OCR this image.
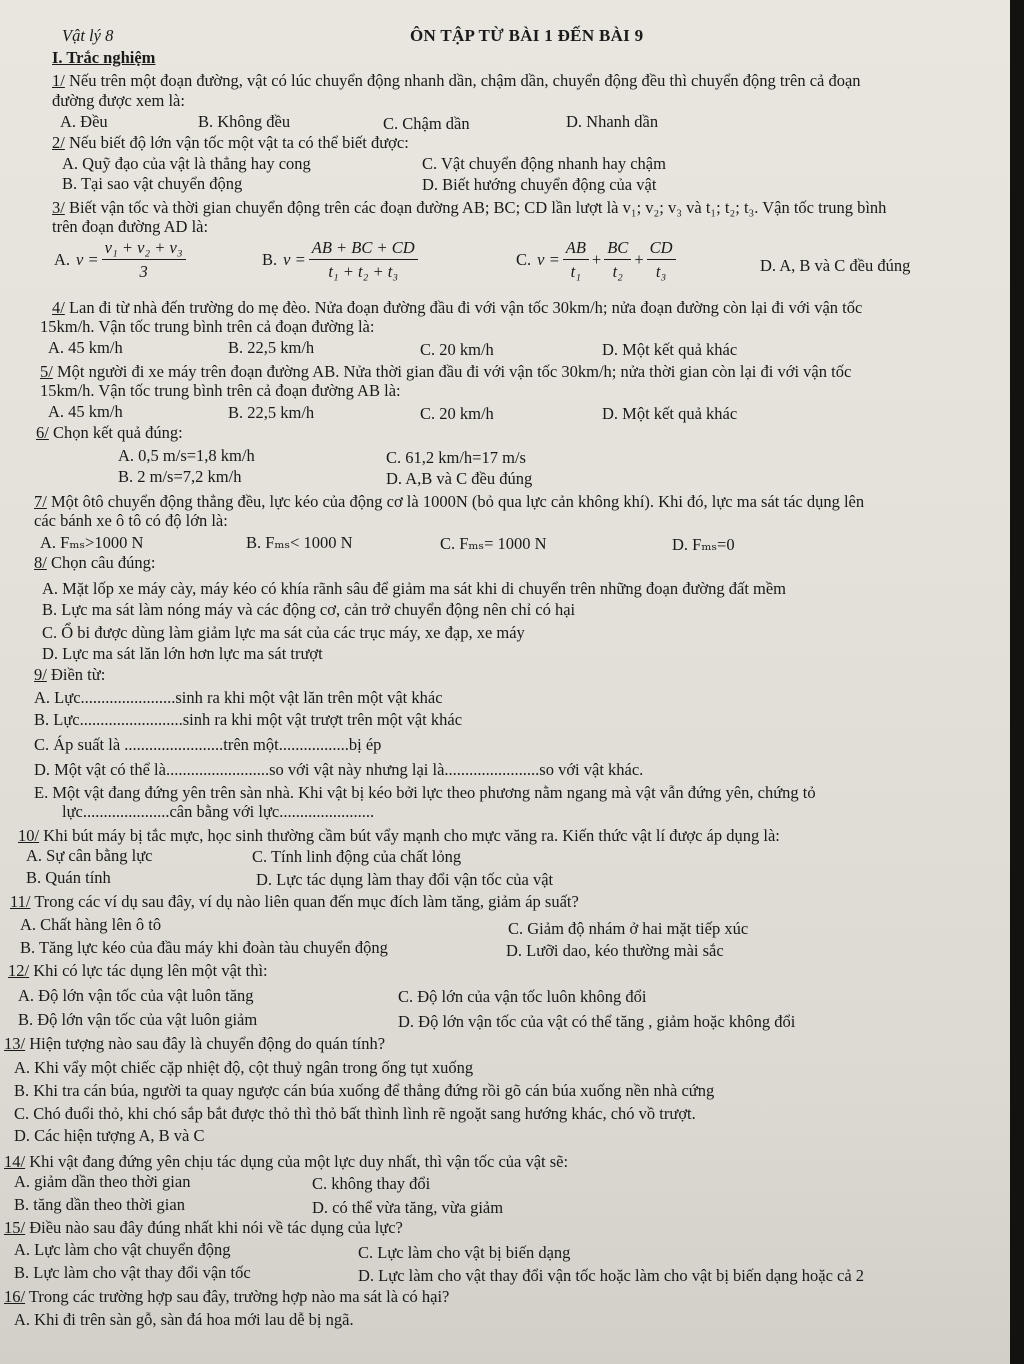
Vật lý 8	ÔN TẬP TỪ BÀI 1 ĐẾN BÀI 9
I. Trắc nghiệm
1/ Nếu trên một đoạn đường, vật có lúc chuyển động nhanh dần, chậm dần, chuyển động đều thì chuyển động trên cả đoạn
đường được xem là:
A. Đều	B. Không đều	C. Chậm dần	D. Nhanh dần
2/ Nếu biết độ lớn vận tốc một vật ta có thể biết được:
A. Quỹ đạo của vật là thẳng hay cong	C. Vật chuyển động nhanh hay chậm
B. Tại sao vật chuyển động	D. Biết hướng chuyển động của vật
3/ Biết vận tốc và thời gian chuyển động trên các đoạn đường AB; BC; CD lần lượt là v₁; v₂; v₃ và t₁; t₂; t₃. Vận tốc trung bình
trên đoạn đường AD là:
A. $v = \frac{\text{v₁ + v₂ + v₃}}{3}$	B. $v = \frac{AB + BC + CD}{\text{t₁ + t₂ + t₃}}$	C. $v = \frac{AB}{\text{t₁}} + \frac{BC}{\text{t₂}} + \frac{CD}{\text{t₃}}$	D. A, B và C đều đúng
4/ Lan đi từ nhà đến trường do mẹ đèo. Nửa đoạn đường đầu đi với vận tốc 30km/h; nửa đoạn đường còn lại đi với vận tốc
15km/h. Vận tốc trung bình trên cả đoạn đường là:
A. 45 km/h	B. 22,5 km/h	C. 20 km/h	D. Một kết quả khác
5/ Một người đi xe máy trên đoạn đường AB. Nửa thời gian đầu đi với vận tốc 30km/h; nửa thời gian còn lại đi với vận tốc
15km/h. Vận tốc trung bình trên cả đoạn đường AB là:
A. 45 km/h	B. 22,5 km/h	C. 20 km/h	D. Một kết quả khác
6/ Chọn kết quả đúng:
A. 0,5 m/s=1,8 km/h	C. 61,2 km/h=17 m/s
B. 2 m/s=7,2 km/h	D. A,B và C đều đúng
7/ Một ôtô chuyển động thẳng đều, lực kéo của động cơ là 1000N (bỏ qua lực cản không khí). Khi đó, lực ma sát tác dụng lên
các bánh xe ô tô có độ lớn là:
A. Fₘₛ>1000 N	B. Fₘₛ< 1000 N	C. Fₘₛ= 1000 N	D. Fₘₛ=0
8/ Chọn câu đúng:
A. Mặt lốp xe máy cày, máy kéo có khía rãnh sâu để giảm ma sát khi di chuyển trên những đoạn đường đất mềm
B. Lực ma sát làm nóng máy và các động cơ, cản trở chuyển động nên chỉ có hại
C. Ổ bi được dùng làm giảm lực ma sát của các trục máy, xe đạp, xe máy
D. Lực ma sát lăn lớn hơn lực ma sát trượt
9/ Điền từ:
A. Lực.......................sinh ra khi một vật lăn trên một vật khác
B. Lực.........................sinh ra khi một vật trượt trên một vật khác
C. Áp suất là ........................trên một.................bị ép
D. Một vật có thể là.........................so với vật này nhưng lại là.......................so với vật khác.
E. Một vật đang đứng yên trên sàn nhà. Khi vật bị kéo bởi lực theo phương nằm ngang mà vật vẫn đứng yên, chứng tỏ
lực.....................cân bằng với lực.......................
10/ Khi bút máy bị tắc mực, học sinh thường cầm bút vẩy mạnh cho mực văng ra. Kiến thức vật lí được áp dụng là:
A. Sự cân bằng lực	C. Tính linh động của chất lỏng
B. Quán tính	D. Lực tác dụng làm thay đổi vận tốc của vật
11/ Trong các ví dụ sau đây, ví dụ nào liên quan đến mục đích làm tăng, giảm áp suất?
A. Chất hàng lên ô tô	C. Giảm độ nhám ở hai mặt tiếp xúc
B. Tăng lực kéo của đầu máy khi đoàn tàu chuyển động	D. Lưỡi dao, kéo thường mài sắc
12/ Khi có lực tác dụng lên một vật thì:
A. Độ lớn vận tốc của vật luôn tăng	C. Độ lớn của vận tốc luôn không đổi
B. Độ lớn vận tốc của vật luôn giảm	D. Độ lớn vận tốc của vật có thể tăng , giảm hoặc không đổi
13/ Hiện tượng nào sau đây là chuyển động do quán tính?
A. Khi vẩy một chiếc cặp nhiệt độ, cột thuỷ ngân trong ống tụt xuống
B. Khi tra cán búa, người ta quay ngược cán búa xuống để thẳng đứng rồi gõ cán búa xuống nền nhà cứng
C. Chó đuổi thỏ, khi chó sắp bắt được thỏ thì thỏ bất thình lình rẽ ngoặt sang hướng khác, chó vồ trượt.
D. Các hiện tượng A, B và C
14/ Khi vật đang đứng yên chịu tác dụng của một lực duy nhất, thì vận tốc của vật sẽ:
A. giảm dần theo thời gian	C. không thay đổi
B. tăng dần theo thời gian	D. có thể vừa tăng, vừa giảm
15/ Điều nào sau đây đúng nhất khi nói về tác dụng của lực?
A. Lực làm cho vật chuyển động	C. Lực làm cho vật bị biến dạng
B. Lực làm cho vật thay đổi vận tốc	D. Lực làm cho vật thay đổi vận tốc hoặc làm cho vật bị biến dạng hoặc cả 2
16/ Trong các trường hợp sau đây, trường hợp nào ma sát là có hại?
A. Khi đi trên sàn gỗ, sàn đá hoa mới lau dễ bị ngã.
